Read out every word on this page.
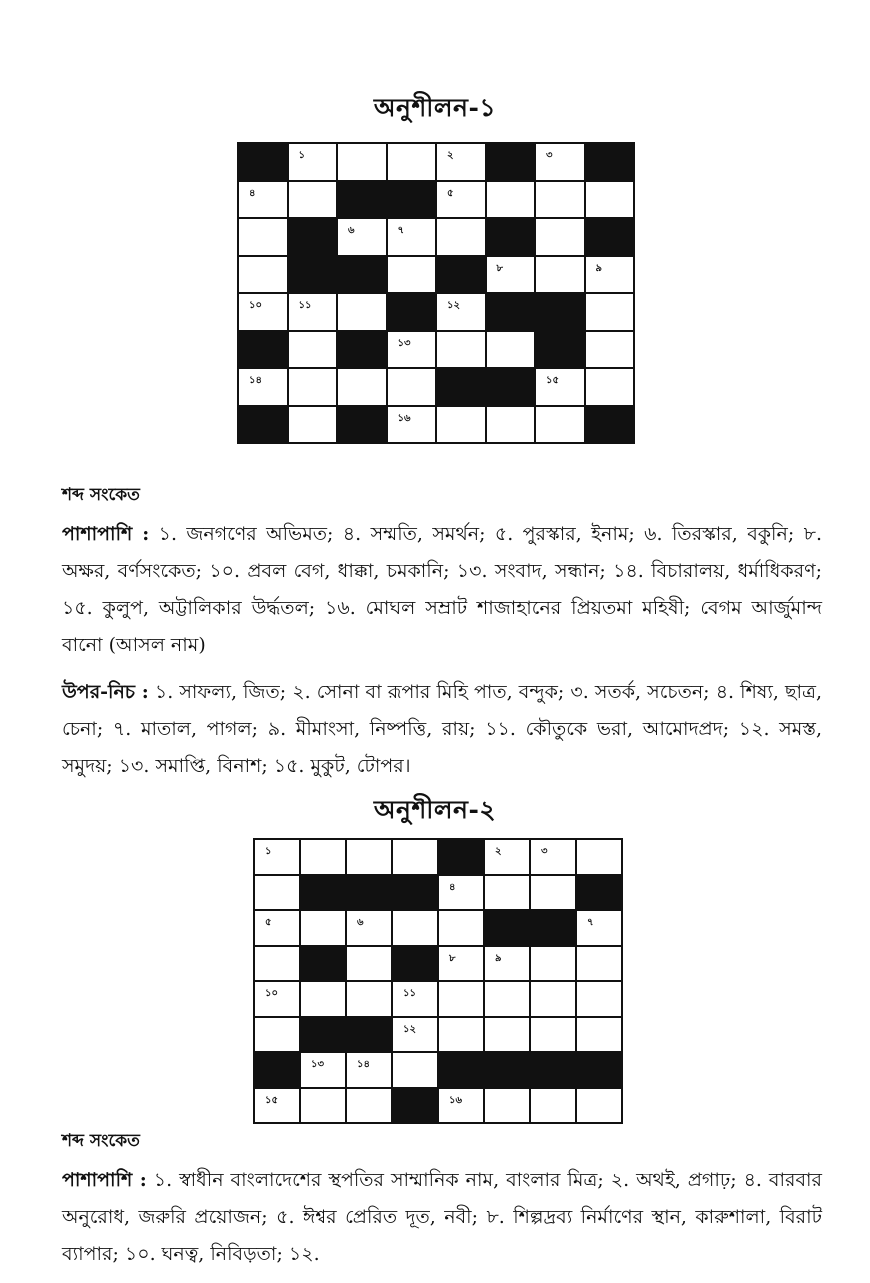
অনুশীলন-১
১	২	৩
৪	৫
৬	৭
৮	৯
১০	১১	১২
১৩
১৪	১৫
১৬
শব্দ সংকেত

পাশাপাশি : ১. জনগণের অভিমত; ৪. সম্মতি, সমর্থন; ৫. পুরস্কার, ইনাম; ৬. তিরস্কার, বকুনি; ৮. অক্ষর, বর্ণসংকেত; ১০. প্রবল বেগ, ধাক্কা, চমকানি; ১৩. সংবাদ, সন্ধান; ১৪. বিচারালয়, ধর্মাধিকরণ; ১৫. কুলুপ, অট্টালিকার উর্দ্ধতল; ১৬. মোঘল সম্রাট শাজাহানের প্রিয়তমা মহিষী; বেগম আর্জুমান্দ বানো (আসল নাম)

উপর-নিচ : ১. সাফল্য, জিত; ২. সোনা বা রূপার মিহি পাত, বন্দুক; ৩. সতর্ক, সচেতন; ৪. শিষ্য, ছাত্র, চেনা; ৭. মাতাল, পাগল; ৯. মীমাংসা, নিষ্পত্তি, রায়; ১১. কৌতুকে ভরা, আমোদপ্রদ; ১২. সমস্ত, সমুদয়; ১৩. সমাপ্তি, বিনাশ; ১৫. মুকুট, টোপর।

অনুশীলন-২
১	২	৩
৪
৫	৬	৭
৮	৯
১০	১১
১২
১৩	১৪
১৫	১৬
শব্দ সংকেত

পাশাপাশি : ১. স্বাধীন বাংলাদেশের স্থপতির সাম্মানিক নাম, বাংলার মিত্র; ২. অথই, প্রগাঢ়; ৪. বারবার অনুরোধ, জরুরি প্রয়োজন; ৫. ঈশ্বর প্রেরিত দূত, নবী; ৮. শিল্পদ্রব্য নির্মাণের স্থান, কারুশালা, বিরাট ব্যাপার; ১০. ঘনত্ব, নিবিড়তা; ১২.
